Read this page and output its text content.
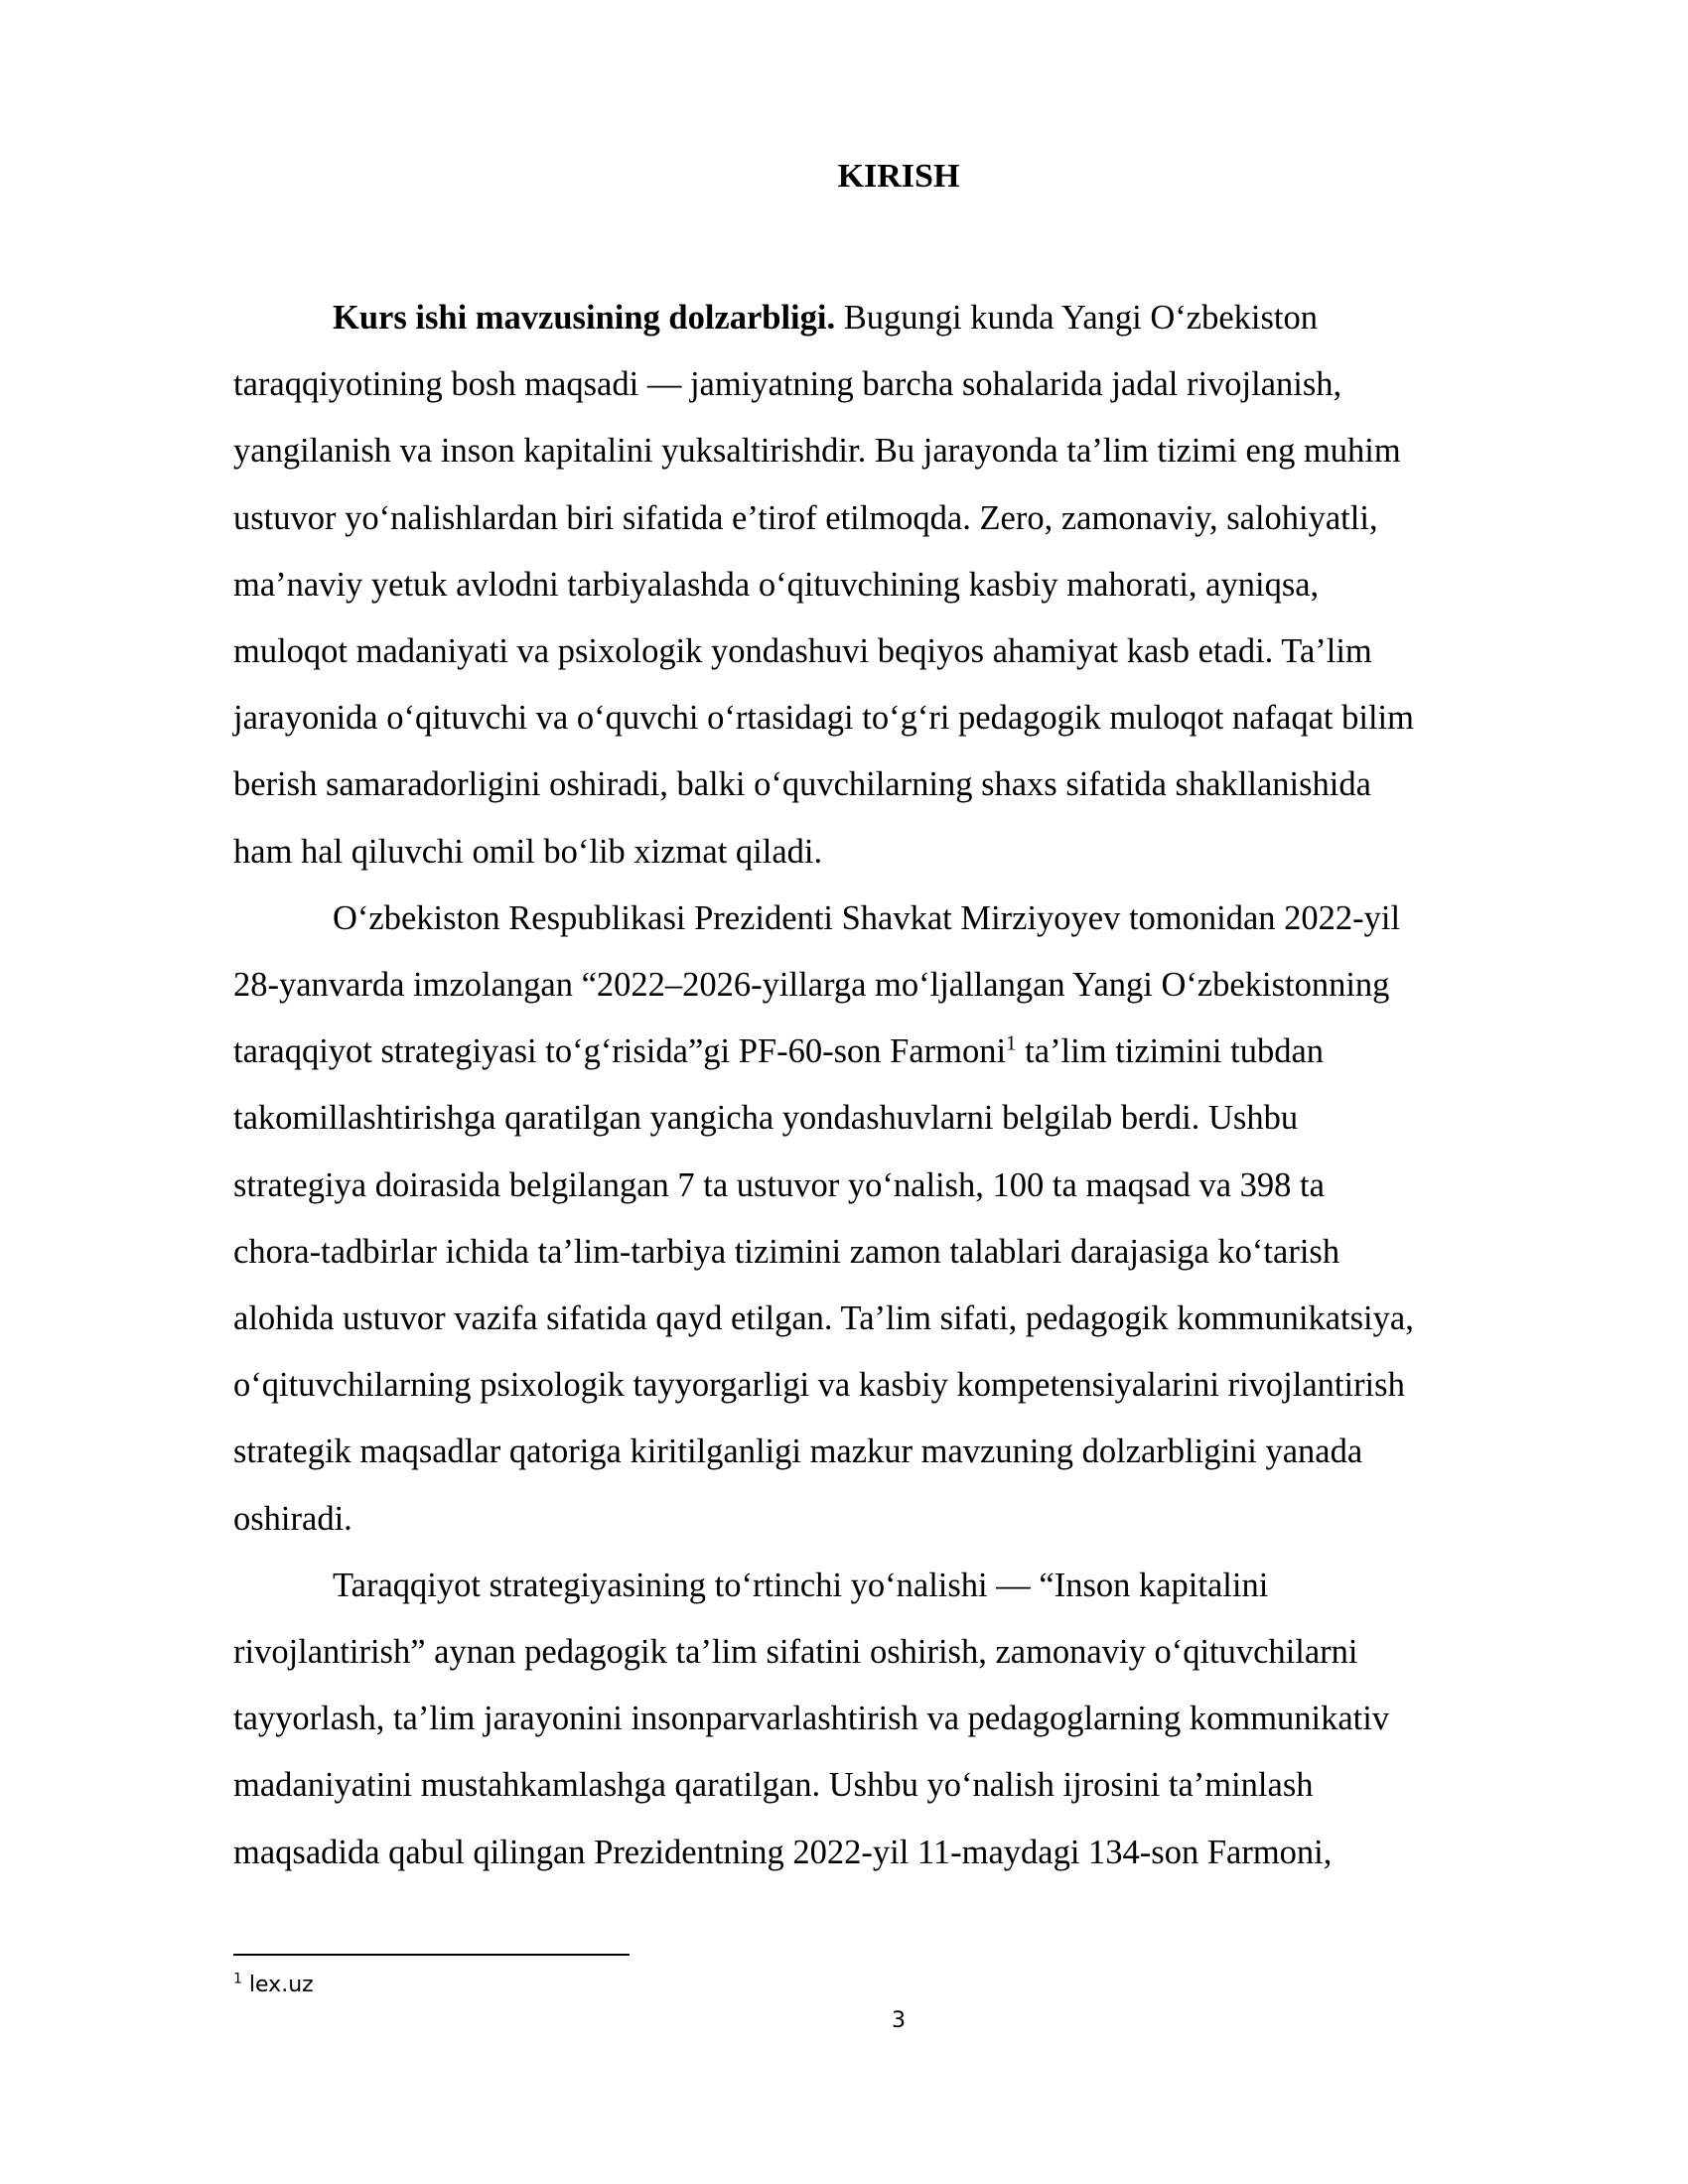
KIRISH
Kurs ishi mavzusining dolzarbligi. Bugungi kunda Yangi O‘zbekiston
taraqqiyotining bosh maqsadi — jamiyatning barcha sohalarida jadal rivojlanish,
yangilanish va inson kapitalini yuksaltirishdir. Bu jarayonda ta’lim tizimi eng muhim
ustuvor yo‘nalishlardan biri sifatida e’tirof etilmoqda. Zero, zamonaviy, salohiyatli,
ma’naviy yetuk avlodni tarbiyalashda o‘qituvchining kasbiy mahorati, ayniqsa,
muloqot madaniyati va psixologik yondashuvi beqiyos ahamiyat kasb etadi. Ta’lim
jarayonida o‘qituvchi va o‘quvchi o‘rtasidagi to‘g‘ri pedagogik muloqot nafaqat bilim
berish samaradorligini oshiradi, balki o‘quvchilarning shaxs sifatida shakllanishida
ham hal qiluvchi omil bo‘lib xizmat qiladi.
O‘zbekiston Respublikasi Prezidenti Shavkat Mirziyoyev tomonidan 2022-yil
28-yanvarda imzolangan “2022–2026-yillarga mo‘ljallangan Yangi O‘zbekistonning
taraqqiyot strategiyasi to‘g‘risida”gi PF-60-son Farmoni$^1$ ta’lim tizimini tubdan
takomillashtirishga qaratilgan yangicha yondashuvlarni belgilab berdi. Ushbu
strategiya doirasida belgilangan 7 ta ustuvor yo‘nalish, 100 ta maqsad va 398 ta
chora-tadbirlar ichida ta’lim-tarbiya tizimini zamon talablari darajasiga ko‘tarish
alohida ustuvor vazifa sifatida qayd etilgan. Ta’lim sifati, pedagogik kommunikatsiya,
o‘qituvchilarning psixologik tayyorgarligi va kasbiy kompetensiyalarini rivojlantirish
strategik maqsadlar qatoriga kiritilganligi mazkur mavzuning dolzarbligini yanada
oshiradi.
Taraqqiyot strategiyasining to‘rtinchi yo‘nalishi — “Inson kapitalini
rivojlantirish” aynan pedagogik ta’lim sifatini oshirish, zamonaviy o‘qituvchilarni
tayyorlash, ta’lim jarayonini insonparvarlashtirish va pedagoglarning kommunikativ
madaniyatini mustahkamlashga qaratilgan. Ushbu yo‘nalish ijrosini ta’minlash
maqsadida qabul qilingan Prezidentning 2022-yil 11-maydagi 134-son Farmoni,
$^1$ lex.uz
3
